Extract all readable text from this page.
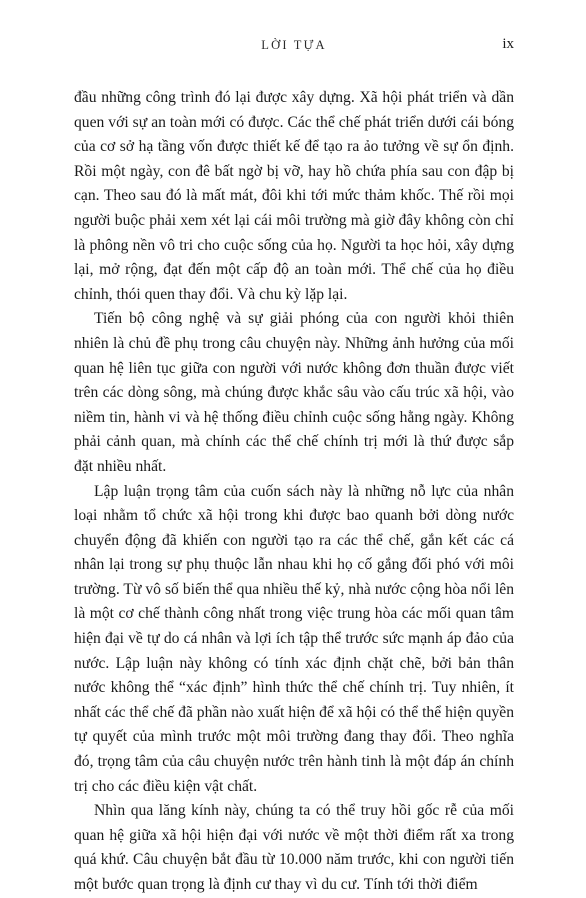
LỜI TỰA	ix

đầu những công trình đó lại được xây dựng. Xã hội phát triển và dần quen với sự an toàn mới có được. Các thể chế phát triển dưới cái bóng của cơ sở hạ tầng vốn được thiết kế để tạo ra ảo tưởng về sự ổn định. Rồi một ngày, con đê bất ngờ bị vỡ, hay hồ chứa phía sau con đập bị cạn. Theo sau đó là mất mát, đôi khi tới mức thảm khốc. Thế rồi mọi người buộc phải xem xét lại cái môi trường mà giờ đây không còn chỉ là phông nền vô tri cho cuộc sống của họ. Người ta học hỏi, xây dựng lại, mở rộng, đạt đến một cấp độ an toàn mới. Thể chế của họ điều chỉnh, thói quen thay đổi. Và chu kỳ lặp lại.

Tiến bộ công nghệ và sự giải phóng của con người khỏi thiên nhiên là chủ đề phụ trong câu chuyện này. Những ảnh hưởng của mối quan hệ liên tục giữa con người với nước không đơn thuần được viết trên các dòng sông, mà chúng được khắc sâu vào cấu trúc xã hội, vào niềm tin, hành vi và hệ thống điều chỉnh cuộc sống hằng ngày. Không phải cảnh quan, mà chính các thể chế chính trị mới là thứ được sắp đặt nhiều nhất.

Lập luận trọng tâm của cuốn sách này là những nỗ lực của nhân loại nhằm tổ chức xã hội trong khi được bao quanh bởi dòng nước chuyển động đã khiến con người tạo ra các thể chế, gắn kết các cá nhân lại trong sự phụ thuộc lẫn nhau khi họ cố gắng đối phó với môi trường. Từ vô số biến thể qua nhiều thế kỷ, nhà nước cộng hòa nổi lên là một cơ chế thành công nhất trong việc trung hòa các mối quan tâm hiện đại về tự do cá nhân và lợi ích tập thể trước sức mạnh áp đảo của nước. Lập luận này không có tính xác định chặt chẽ, bởi bản thân nước không thể “xác định” hình thức thể chế chính trị. Tuy nhiên, ít nhất các thể chế đã phần nào xuất hiện để xã hội có thể thể hiện quyền tự quyết của mình trước một môi trường đang thay đổi. Theo nghĩa đó, trọng tâm của câu chuyện nước trên hành tinh là một đáp án chính trị cho các điều kiện vật chất.

Nhìn qua lăng kính này, chúng ta có thể truy hồi gốc rễ của mối quan hệ giữa xã hội hiện đại với nước về một thời điểm rất xa trong quá khứ. Câu chuyện bắt đầu từ 10.000 năm trước, khi con người tiến một bước quan trọng là định cư thay vì du cư. Tính tới thời điểm
